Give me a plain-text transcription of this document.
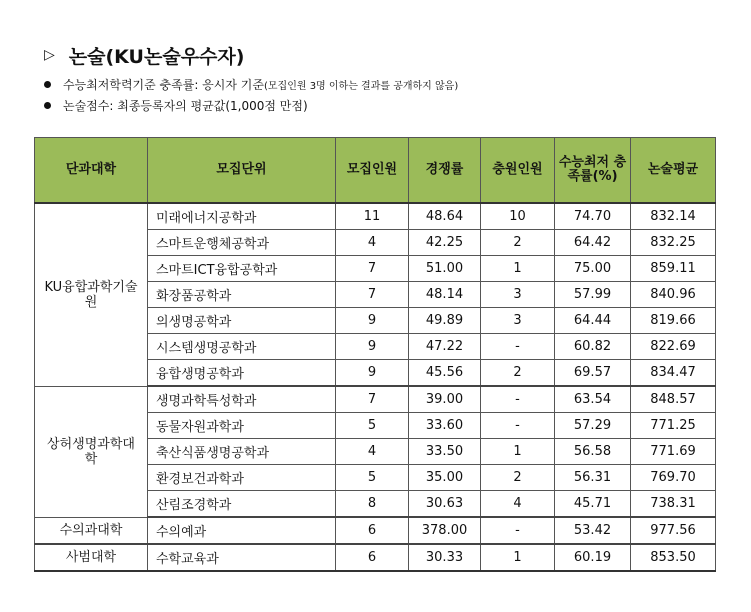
▷ 논술(KU논술우수자)
수능최저학력기준 충족률: 응시자 기준 (모집인원 3명 이하는 결과를 공개하지 않음)
논술점수: 최종등록자의 평균값(1,000점 만점)
단과대학	모집단위	모집인원	경쟁률	충원인원	수능최저 충족률(%)	논술평균
KU융합과학기술원	미래에너지공학과	11	48.64	10	74.70	832.14
	스마트운행체공학과	4	42.25	2	64.42	832.25
	스마트ICT융합공학과	7	51.00	1	75.00	859.11
	화장품공학과	7	48.14	3	57.99	840.96
	의생명공학과	9	49.89	3	64.44	819.66
	시스템생명공학과	9	47.22	-	60.82	822.69
	융합생명공학과	9	45.56	2	69.57	834.47
상허생명과학대학	생명과학특성학과	7	39.00	-	63.54	848.57
	동물자원과학과	5	33.60	-	57.29	771.25
	축산식품생명공학과	4	33.50	1	56.58	771.69
	환경보건과학과	5	35.00	2	56.31	769.70
	산림조경학과	8	30.63	4	45.71	738.31
수의과대학	수의예과	6	378.00	-	53.42	977.56
사범대학	수학교육과	6	30.33	1	60.19	853.50
